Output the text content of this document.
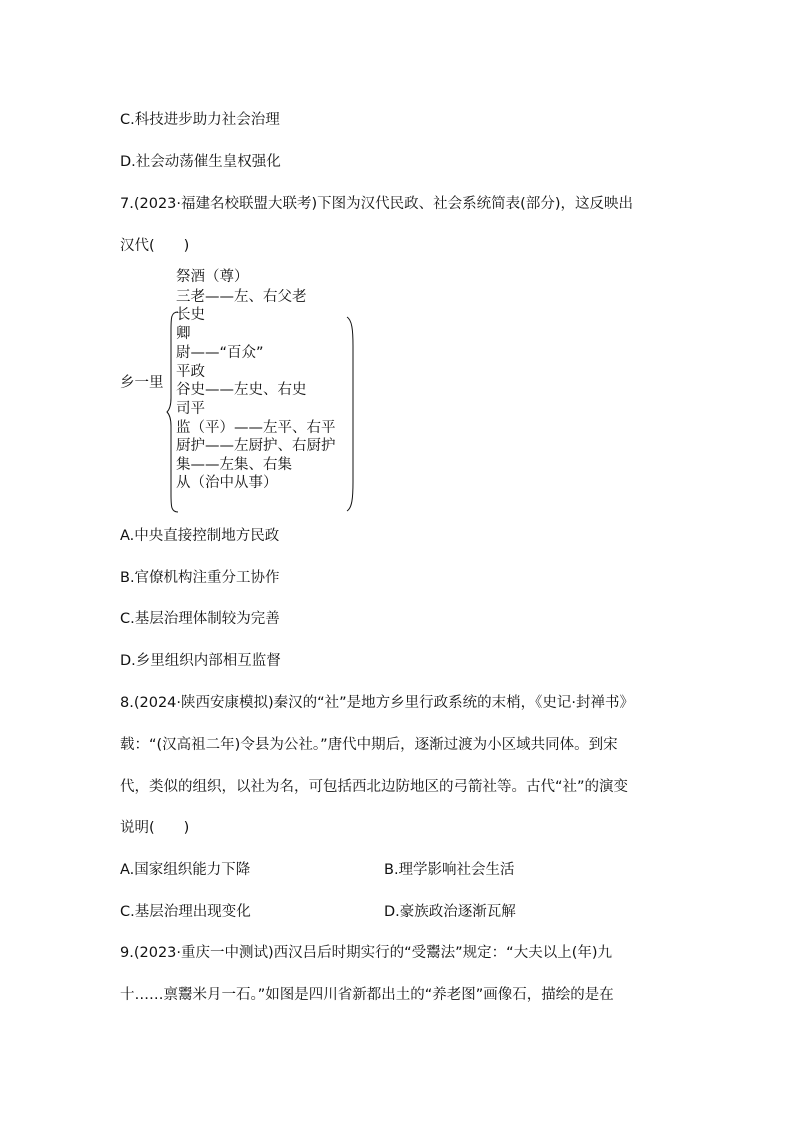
C.科技进步助力社会治理
D.社会动荡催生皇权强化
7.(2023·福建名校联盟大联考)下图为汉代民政、社会系统简表(部分)，这反映出
汉代(　　)
乡一里
祭酒（尊）
三老——左、右父老
长史
卿
尉——“百众”
平政
谷史——左史、右史
司平
监（平）——左平、右平
厨护——左厨护、右厨护
集——左集、右集
从（治中从事）
A.中央直接控制地方民政
B.官僚机构注重分工协作
C.基层治理体制较为完善
D.乡里组织内部相互监督
8.(2024·陕西安康模拟)秦汉的“社”是地方乡里行政系统的末梢，《史记·封禅书》
载：“(汉高祖二年)令县为公社。”唐代中期后，逐渐过渡为小区域共同体。到宋
代，类似的组织，以社为名，可包括西北边防地区的弓箭社等。古代“社”的演变
说明(　　)
A.国家组织能力下降	B.理学影响社会生活
C.基层治理出现变化	D.豪族政治逐渐瓦解
9.(2023·重庆一中测试)西汉吕后时期实行的“受鬻法”规定：“大夫以上(年)九
十……禀鬻米月一石。”如图是四川省新都出土的“养老图”画像石，描绘的是在
